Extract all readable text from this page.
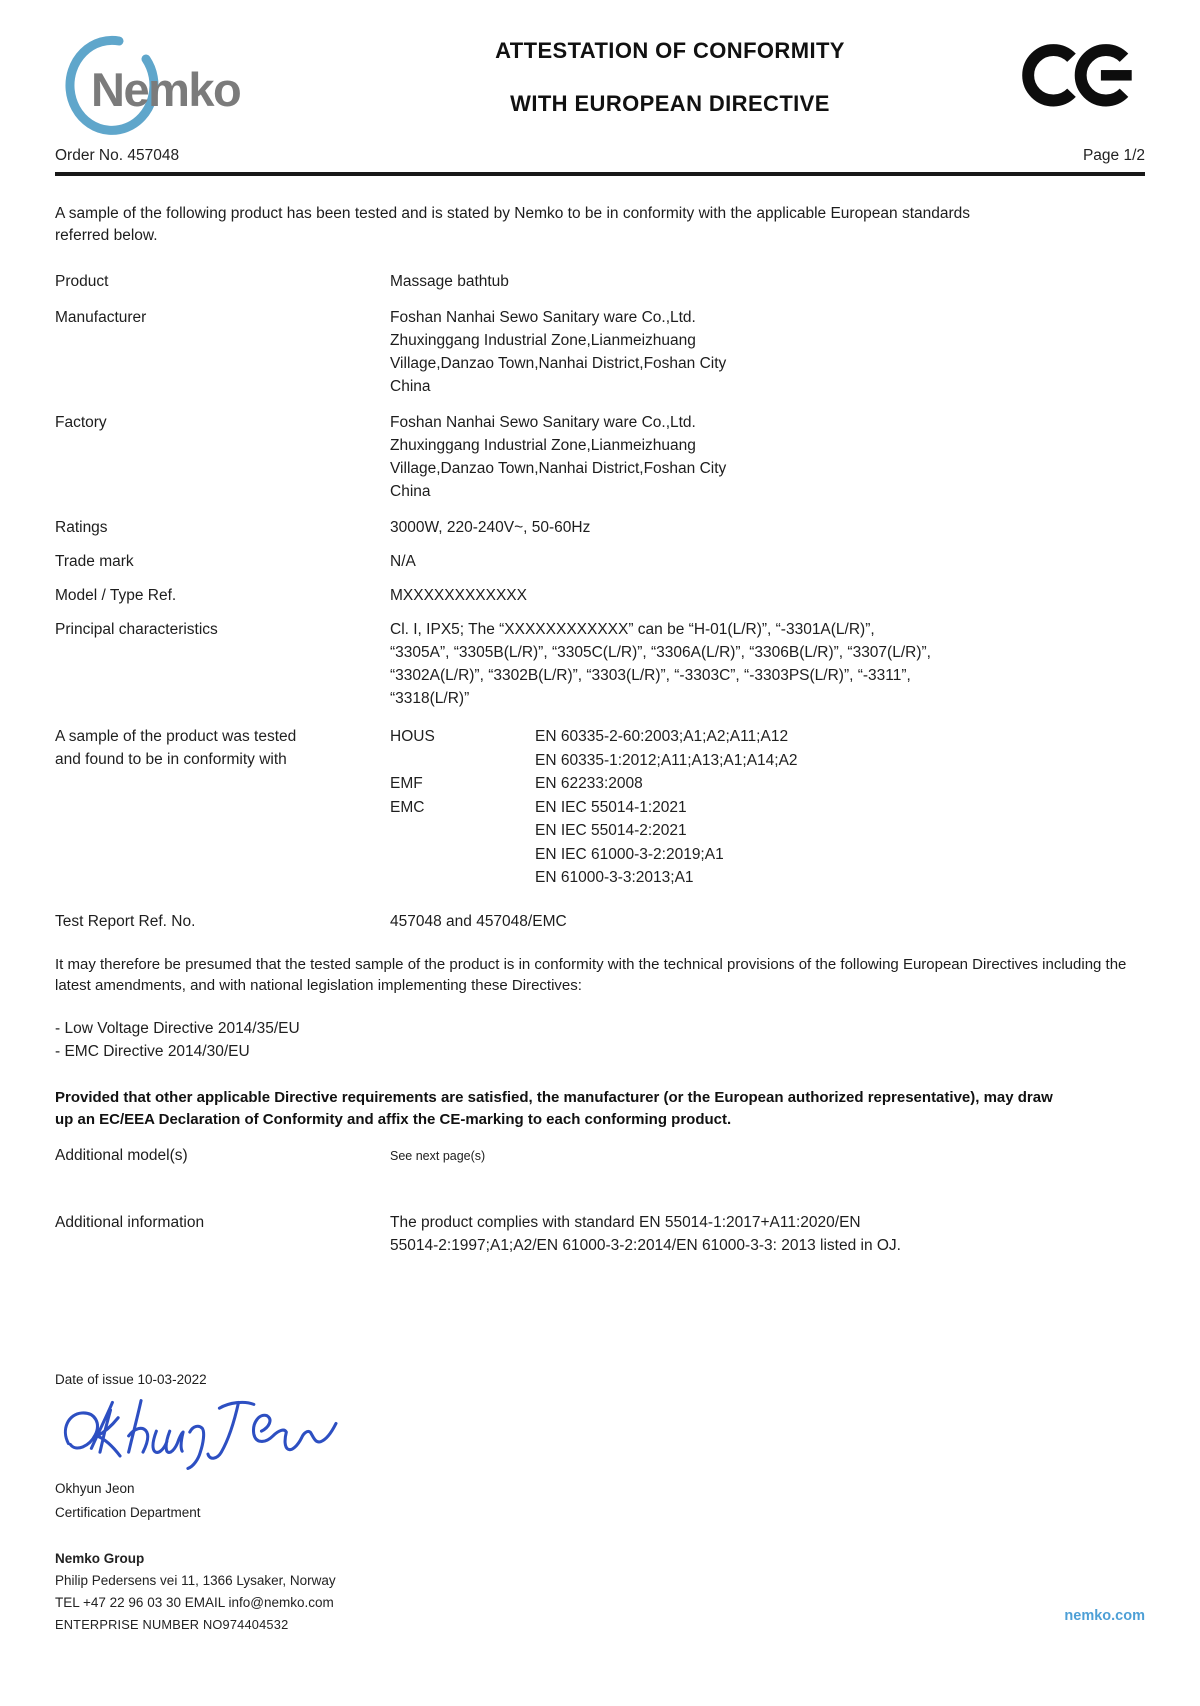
Nemko
ATTESTATION OF CONFORMITY
WITH EUROPEAN DIRECTIVE
Order No. 457048	Page 1/2

A sample of the following product has been tested and is stated by Nemko to be in conformity with the applicable European standards referred below.

Product	Massage bathtub
Manufacturer	Foshan Nanhai Sewo Sanitary ware Co.,Ltd.
Zhuxinggang Industrial Zone,Lianmeizhuang
Village,Danzao Town,Nanhai District,Foshan City
China
Factory	Foshan Nanhai Sewo Sanitary ware Co.,Ltd.
Zhuxinggang Industrial Zone,Lianmeizhuang
Village,Danzao Town,Nanhai District,Foshan City
China
Ratings	3000W, 220-240V~, 50-60Hz
Trade mark	N/A
Model / Type Ref.	MXXXXXXXXXXXX
Principal characteristics	Cl. I, IPX5; The “XXXXXXXXXXXX” can be “H-01(L/R)”, “-3301A(L/R)”,
“3305A”, “3305B(L/R)”, “3305C(L/R)”, “3306A(L/R)”, “3306B(L/R)”, “3307(L/R)”,
“3302A(L/R)”, “3302B(L/R)”, “3303(L/R)”, “-3303C”, “-3303PS(L/R)”, “-3311”,
“3318(L/R)”
A sample of the product was tested
and found to be in conformity with
HOUS	EN 60335-2-60:2003;A1;A2;A11;A12
EN 60335-1:2012;A11;A13;A1;A14;A2
EMF	EN 62233:2008
EMC	EN IEC 55014-1:2021
EN IEC 55014-2:2021
EN IEC 61000-3-2:2019;A1
EN 61000-3-3:2013;A1
Test Report Ref. No.	457048 and 457048/EMC

It may therefore be presumed that the tested sample of the product is in conformity with the technical provisions of the following European Directives including the latest amendments, and with national legislation implementing these Directives:

- Low Voltage Directive 2014/35/EU
- EMC Directive 2014/30/EU

Provided that other applicable Directive requirements are satisfied, the manufacturer (or the European authorized representative), may draw up an EC/EEA Declaration of Conformity and affix the CE-marking to each conforming product.

Additional model(s)	See next page(s)
Additional information	The product complies with standard EN 55014-1:2017+A11:2020/EN
55014-2:1997;A1;A2/EN 61000-3-2:2014/EN 61000-3-3: 2013 listed in OJ.
Date of issue 10-03-2022
Okhyun Jeon
Certification Department
Nemko Group
Philip Pedersens vei 11, 1366 Lysaker, Norway
TEL +47 22 96 03 30 EMAIL info@nemko.com
ENTERPRISE NUMBER NO974404532
nemko.com
